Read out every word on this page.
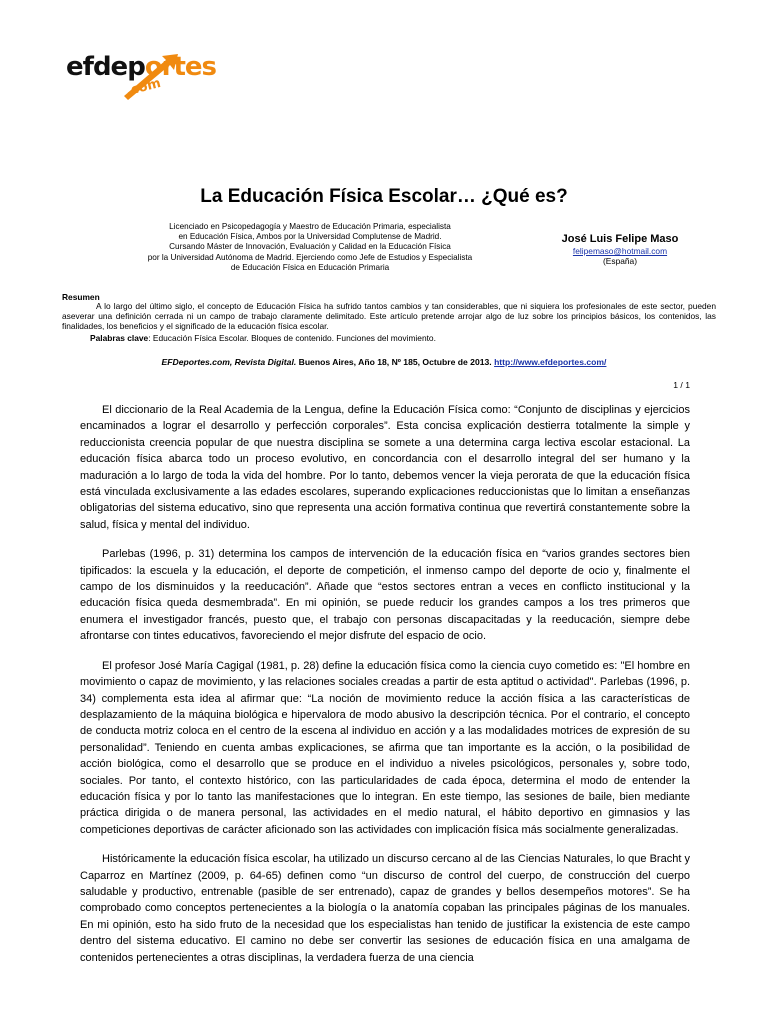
efdeportes
.com
La Educación Física Escolar… ¿Qué es?
Licenciado en Psicopedagogía y Maestro de Educación Primaria, especialista
en Educación Física, Ambos por la Universidad Complutense de Madrid.
Cursando Máster de Innovación, Evaluación y Calidad en la Educación Física
por la Universidad Autónoma de Madrid. Ejerciendo como Jefe de Estudios y Especialista
de Educación Física en Educación Primaria
José Luis Felipe Maso
felipemaso@hotmail.com
(España)
Resumen

A lo largo del último siglo, el concepto de Educación Física ha sufrido tantos cambios y tan considerables, que ni siquiera los profesionales de este sector, pueden aseverar una definición cerrada ni un campo de trabajo claramente delimitado. Este artículo pretende arrojar algo de luz sobre los principios básicos, los contenidos, las finalidades, los beneficios y el significado de la educación física escolar.

Palabras clave: Educación Física Escolar. Bloques de contenido. Funciones del movimiento.
EFDeportes.com, Revista Digital. Buenos Aires, Año 18, Nº 185, Octubre de 2013. http://www.efdeportes.com/
1 / 1

El diccionario de la Real Academia de la Lengua, define la Educación Física como: “Conjunto de disciplinas y ejercicios encaminados a lograr el desarrollo y perfección corporales”. Esta concisa explicación destierra totalmente la simple y reduccionista creencia popular de que nuestra disciplina se somete a una determina carga lectiva escolar estacional. La educación física abarca todo un proceso evolutivo, en concordancia con el desarrollo integral del ser humano y la maduración a lo largo de toda la vida del hombre. Por lo tanto, debemos vencer la vieja perorata de que la educación física está vinculada exclusivamente a las edades escolares, superando explicaciones reduccionistas que lo limitan a enseñanzas obligatorias del sistema educativo, sino que representa una acción formativa continua que revertirá constantemente sobre la salud, física y mental del individuo.

Parlebas (1996, p. 31) determina los campos de intervención de la educación física en “varios grandes sectores bien tipificados: la escuela y la educación, el deporte de competición, el inmenso campo del deporte de ocio y, finalmente el campo de los disminuidos y la reeducación”. Añade que “estos sectores entran a veces en conflicto institucional y la educación física queda desmembrada”. En mi opinión, se puede reducir los grandes campos a los tres primeros que enumera el investigador francés, puesto que, el trabajo con personas discapacitadas y la reeducación, siempre debe afrontarse con tintes educativos, favoreciendo el mejor disfrute del espacio de ocio.

El profesor José María Cagigal (1981, p. 28) define la educación física como la ciencia cuyo cometido es: "El hombre en movimiento o capaz de movimiento, y las relaciones sociales creadas a partir de esta aptitud o actividad". Parlebas (1996, p. 34) complementa esta idea al afirmar que: “La noción de movimiento reduce la acción física a las características de desplazamiento de la máquina biológica e hipervalora de modo abusivo la descripción técnica. Por el contrario, el concepto de conducta motriz coloca en el centro de la escena al individuo en acción y a las modalidades motrices de expresión de su personalidad”. Teniendo en cuenta ambas explicaciones, se afirma que tan importante es la acción, o la posibilidad de acción biológica, como el desarrollo que se produce en el individuo a niveles psicológicos, personales y, sobre todo, sociales. Por tanto, el contexto histórico, con las particularidades de cada época, determina el modo de entender la educación física y por lo tanto las manifestaciones que lo integran. En este tiempo, las sesiones de baile, bien mediante práctica dirigida o de manera personal, las actividades en el medio natural, el hábito deportivo en gimnasios y las competiciones deportivas de carácter aficionado son las actividades con implicación física más socialmente generalizadas.

Históricamente la educación física escolar, ha utilizado un discurso cercano al de las Ciencias Naturales, lo que Bracht y Caparroz en Martínez (2009, p. 64-65) definen como “un discurso de control del cuerpo, de construcción del cuerpo saludable y productivo, entrenable (pasible de ser entrenado), capaz de grandes y bellos desempeños motores”. Se ha comprobado como conceptos pertenecientes a la biología o la anatomía copaban las principales páginas de los manuales. En mi opinión, esto ha sido fruto de la necesidad que los especialistas han tenido de justificar la existencia de este campo dentro del sistema educativo. El camino no debe ser convertir las sesiones de educación física en una amalgama de contenidos pertenecientes a otras disciplinas, la verdadera fuerza de una ciencia
